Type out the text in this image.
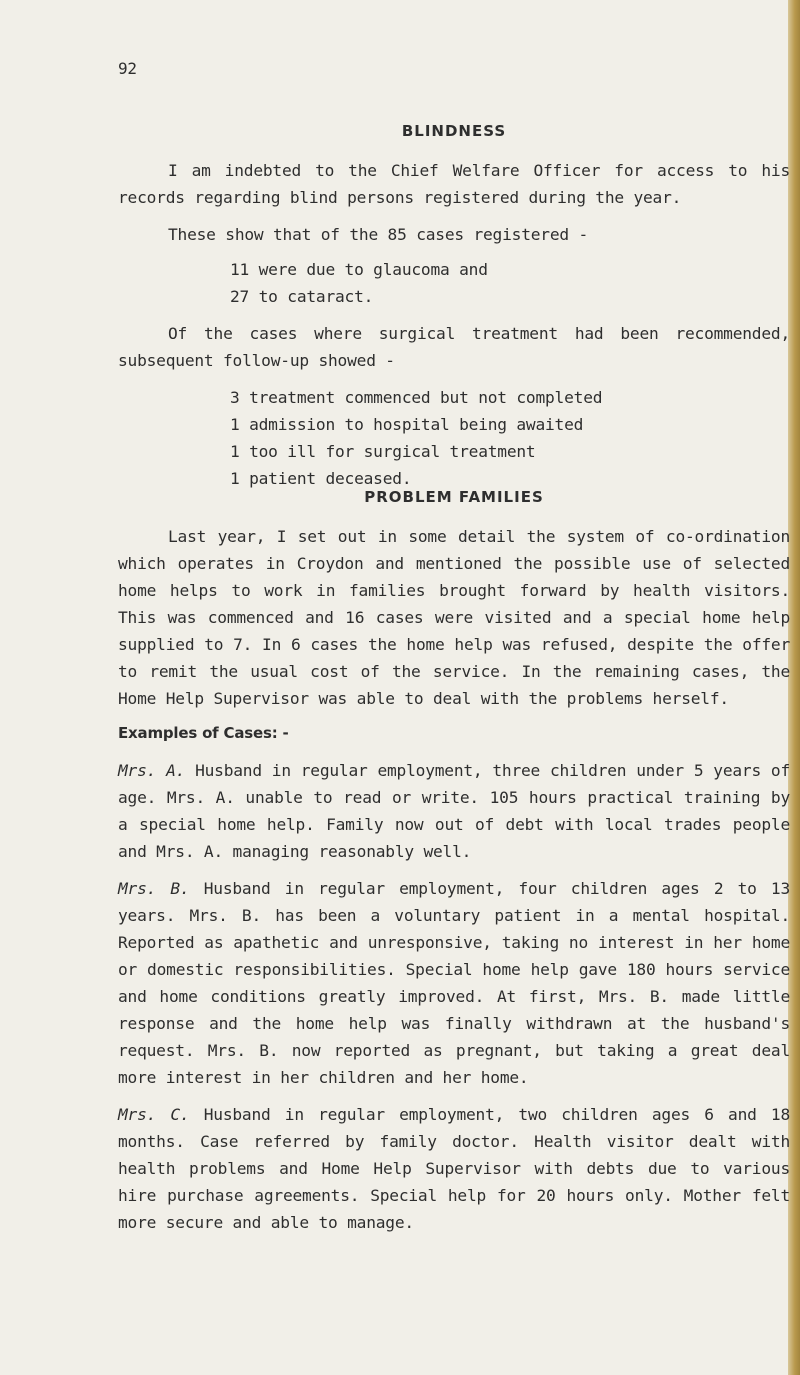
92
BLINDNESS

I am indebted to the Chief Welfare Officer for access to his records regarding blind persons registered during the year.

These show that of the 85 cases registered -

11 were due to glaucoma and
27 to cataract.

Of the cases where surgical treatment had been recommended, subsequent follow-up showed -

3 treatment commenced but not completed
1 admission to hospital being awaited
1 too ill for surgical treatment
1 patient deceased.
PROBLEM FAMILIES

Last year, I set out in some detail the system of co-ordination which operates in Croydon and mentioned the possible use of selected home helps to work in families brought forward by health visitors. This was commenced and 16 cases were visited and a special home help supplied to 7. In 6 cases the home help was refused, despite the offer to remit the usual cost of the service. In the remaining cases, the Home Help Supervisor was able to deal with the problems herself.

Examples of Cases: -

Mrs. A. Husband in regular employment, three children under 5 years of age. Mrs. A. unable to read or write. 105 hours practical training by a special home help. Family now out of debt with local trades people and Mrs. A. managing reasonably well.

Mrs. B. Husband in regular employment, four children ages 2 to 13 years. Mrs. B. has been a voluntary patient in a mental hospital. Reported as apathetic and unresponsive, taking no interest in her home or domestic responsibilities. Special home help gave 180 hours service and home conditions greatly improved. At first, Mrs. B. made little response and the home help was finally withdrawn at the husband's request. Mrs. B. now reported as pregnant, but taking a great deal more interest in her children and her home.

Mrs. C. Husband in regular employment, two children ages 6 and 18 months. Case referred by family doctor. Health visitor dealt with health problems and Home Help Supervisor with debts due to various hire purchase agreements. Special help for 20 hours only. Mother felt more secure and able to manage.
